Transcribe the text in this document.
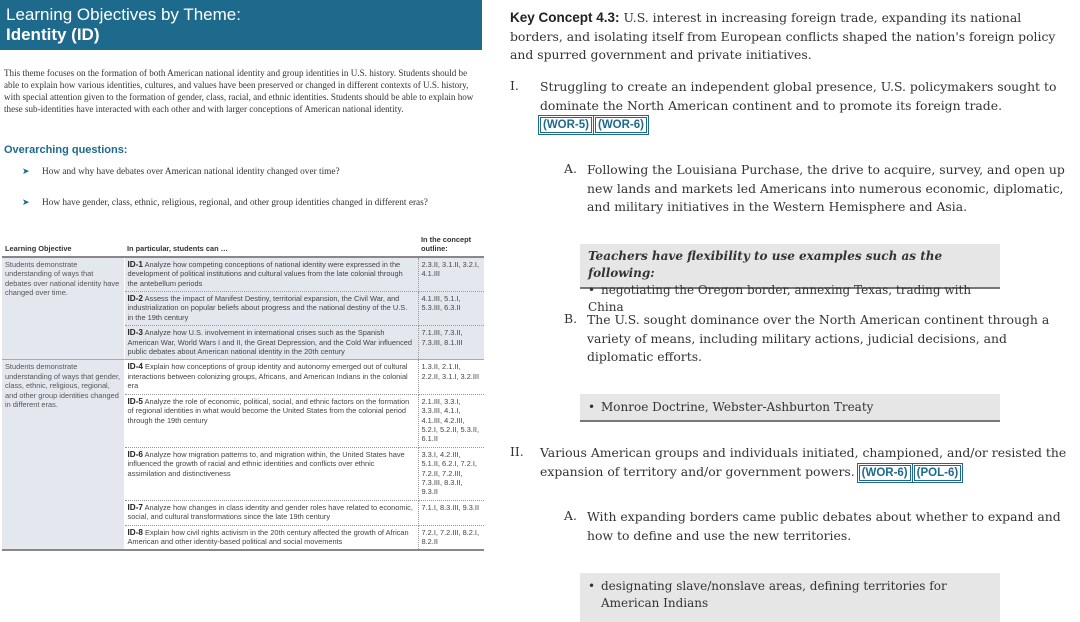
Learning Objectives by Theme:
Identity (ID)
This theme focuses on the formation of both American national identity and group identities in U.S. history. Students should be able to explain how various identities, cultures, and values have been preserved or changed in different contexts of U.S. history, with special attention given to the formation of gender, class, racial, and ethnic identities. Students should be able to explain how these sub-identities have interacted with each other and with larger conceptions of American national identity.
Overarching questions:
➤ How and why have debates over American national identity changed over time?
➤ How have gender, class, ethnic, religious, regional, and other group identities changed in different eras?
Learning Objective	In particular, students can …	In the concept outline:
Students demonstrate understanding of ways that debates over national identity have changed over time.	ID-1 Analyze how competing conceptions of national identity were expressed in the development of political institutions and cultural values from the late colonial through the antebellum periods	2.3.II, 3.1.II, 3.2.I, 4.1.III
	ID-2 Assess the impact of Manifest Destiny, territorial expansion, the Civil War, and industrialization on popular beliefs about progress and the national destiny of the U.S. in the 19th century	4.1.III, 5.1.I, 5.3.III, 6.3.II
	ID-3 Analyze how U.S. involvement in international crises such as the Spanish American War, World Wars I and II, the Great Depression, and the Cold War influenced public debates about American national identity in the 20th century	7.1.III, 7.3.II, 7.3.III, 8.1.III
Students demonstrate understanding of ways that gender, class, ethnic, religious, regional, and other group identities changed in different eras.	ID-4 Explain how conceptions of group identity and autonomy emerged out of cultural interactions between colonizing groups, Africans, and American Indians in the colonial era	1.3.II, 2.1.II, 2.2.II, 3.1.I, 3.2.III
	ID-5 Analyze the role of economic, political, social, and ethnic factors on the formation of regional identities in what would become the United States from the colonial period through the 19th century	2.1.III, 3.3.I, 3.3.III, 4.1.I, 4.1.III, 4.2.III, 5.2.I, 5.2.II, 5.3.II, 6.1.II
	ID-6 Analyze how migration patterns to, and migration within, the United States have influenced the growth of racial and ethnic identities and conflicts over ethnic assimilation and distinctiveness	3.3.I, 4.2.III, 5.1.II, 6.2.I, 7.2.I, 7.2.II, 7.2.III, 7.3.III, 8.3.II, 9.3.II
	ID-7 Analyze how changes in class identity and gender roles have related to economic, social, and cultural transformations since the late 19th century	7.1.I, 8.3.III, 9.3.II
	ID-8 Explain how civil rights activism in the 20th century affected the growth of African American and other identity-based political and social movements	7.2.I, 7.2.III, 8.2.I, 8.2.II
Key Concept 4.3: U.S. interest in increasing foreign trade, expanding its national borders, and isolating itself from European conflicts shaped the nation's foreign policy and spurred government and private initiatives.
I. Struggling to create an independent global presence, U.S. policymakers sought to dominate the North American continent and to promote its foreign trade.
(WOR-5) (WOR-6)
A. Following the Louisiana Purchase, the drive to acquire, survey, and open up new lands and markets led Americans into numerous economic, diplomatic, and military initiatives in the Western Hemisphere and Asia.
Teachers have flexibility to use examples such as the following:
• negotiating the Oregon border, annexing Texas, trading with China
B. The U.S. sought dominance over the North American continent through a variety of means, including military actions, judicial decisions, and diplomatic efforts.
• Monroe Doctrine, Webster-Ashburton Treaty
II. Various American groups and individuals initiated, championed, and/or resisted the expansion of territory and/or government powers. (WOR-6) (POL-6)
A. With expanding borders came public debates about whether to expand and how to define and use the new territories.
• designating slave/nonslave areas, defining territories for American Indians
